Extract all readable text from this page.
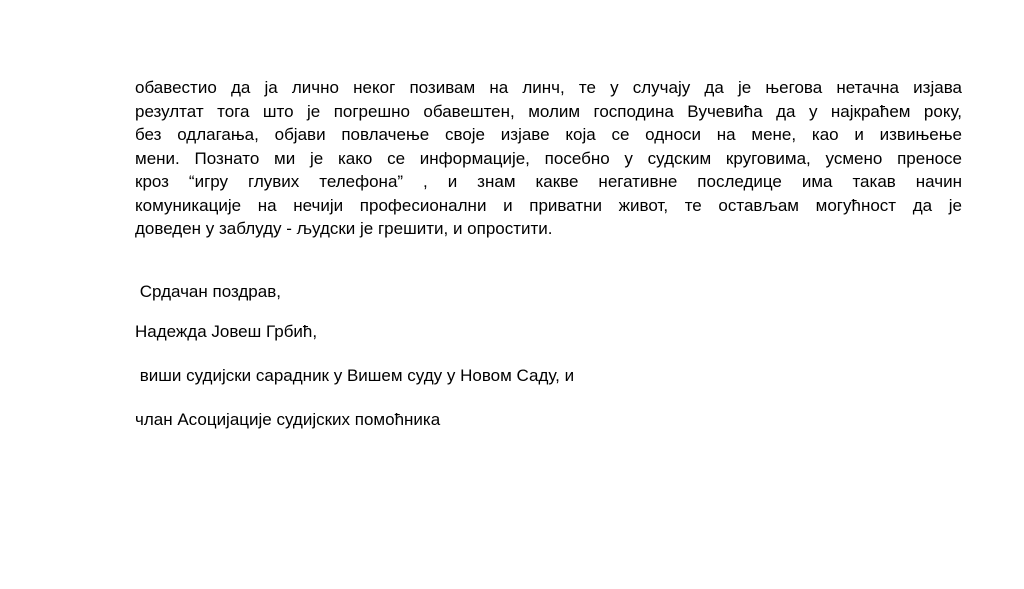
обавестио да ја лично неког позивам на линч, те у случају да је његова нетачна изјава
резултат тога што је погрешно обавештен, молим господина Вучевића да у најкраћем року,
без одлагања, објави повлачење своје изјаве која се односи на мене, као и извињење
мени. Познато ми је како се информације, посебно у судским круговима, усмено преносе
кроз “игру глувих телефона” , и знам какве негативне последице има такав начин
комуникације на нечији професионални и приватни живот, те остављам могућност да је
доведен у заблуду - људски је грешити, и опростити.

Срдачан поздрав,

Надежда Јовеш Грбић,

виши судијски сарадник у Вишем суду у Новом Саду, и

члан Асоцијације судијских помоћника
